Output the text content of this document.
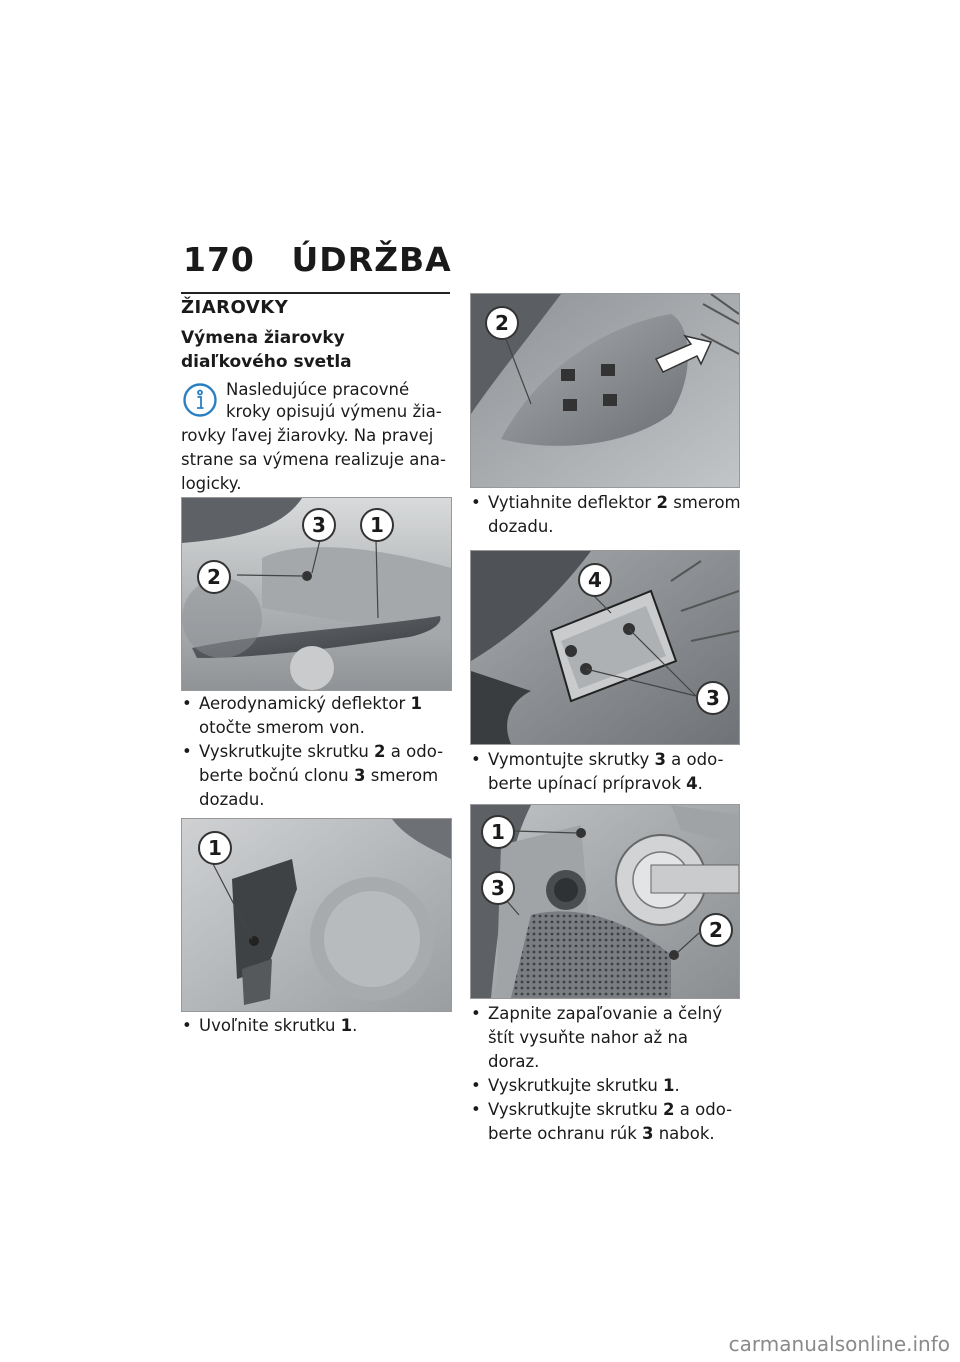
170 ÚDRŽBA
ŽIAROVKY
Výmena žiarovky diaľkového svetla
Nasledujúce pracovné
kroky opisujú výmenu žia-
rovky ľavej žiarovky. Na pravej strane sa výmena realizuje ana-logicky.
3	1
2
• Aerodynamický deflektor 1 otočte smerom von.
• Vyskrutkujte skrutku 2 a odo-berte bočnú clonu 3 smerom dozadu.
1
• Uvoľnite skrutku 1.
2
• Vytiahnite deflektor 2 smerom dozadu.
4
3
• Vymontujte skrutky 3 a odo-berte upínací prípravok 4.
1
3
2
• Zapnite zapaľovanie a čelný štít vysuňte nahor až na doraz.
• Vyskrutkujte skrutku 1.
• Vyskrutkujte skrutku 2 a odo-berte ochranu rúk 3 nabok.
carmanualsonline.info
